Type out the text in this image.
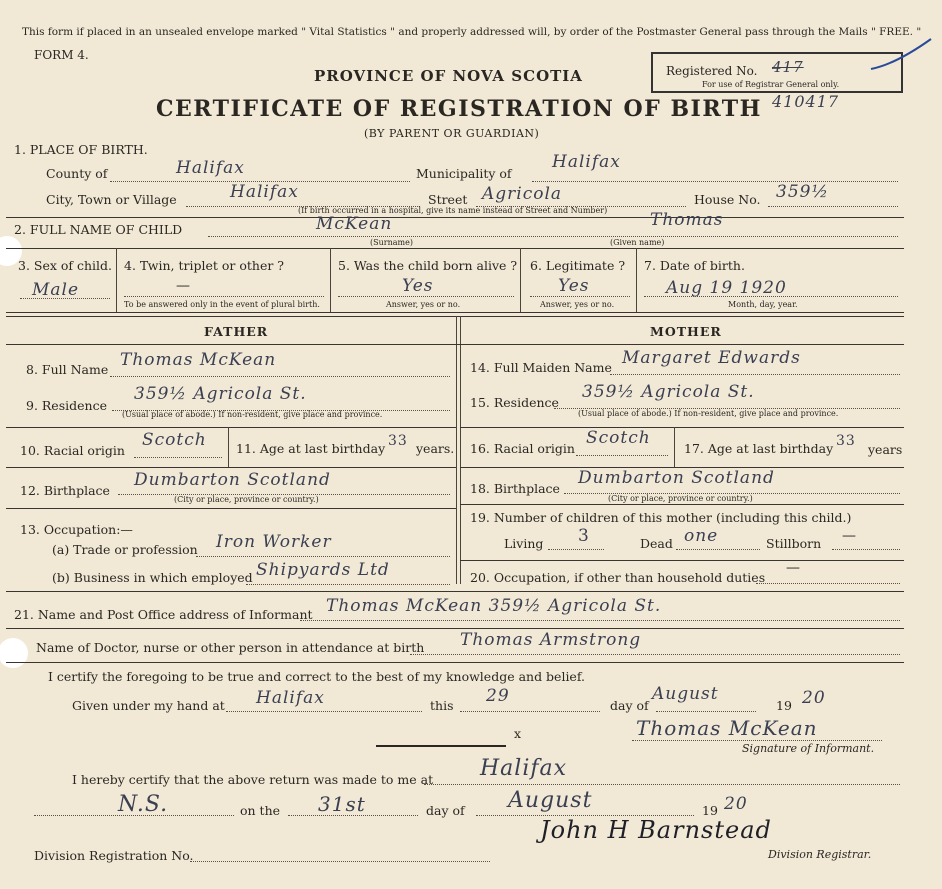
This form if placed in an unsealed envelope marked " Vital Statistics " and properly addressed will, by order of the Postmaster General pass through the Mails " FREE. "
FORM 4.
PROVINCE OF NOVA SCOTIA
CERTIFICATE OF REGISTRATION OF BIRTH
(BY PARENT OR GUARDIAN)
Registered No. 417
For use of Registrar General only.
410417
1. PLACE OF BIRTH.
County of	Halifax	Municipality of
Halifax
City, Town or Village	Halifax	Street Agricola	House No. 359½
(If birth occurred in a hospital, give its name instead of Street and Number)
2. FULL NAME OF CHILD	McKean	Thomas
(Surname)	(Given name)
3. Sex of child.
Male
4. Twin, triplet or other ?
—
To be answered only in the event of plural birth.
5. Was the child born alive ?
Yes
Answer, yes or no.
6. Legitimate ?
Yes
Answer, yes or no.
7. Date of birth.
Aug 19 1920
Month, day, year.
FATHER	MOTHER
8. Full Name Thomas McKean
9. Residence
359½ Agricola St.
(Usual place of abode.) If non-resident, give place and province.
10. Racial origin
Scotch 11. Age at last birthday 33 years.
12. Birthplace
Dumbarton Scotland
(City or place, province or country.)
13. Occupation:—
(a) Trade or profession Iron Worker
(b) Business in which employed Shipyards Ltd
14. Full Maiden Name Margaret Edwards
15. Residence
359½ Agricola St.
(Usual place of abode.) If non-resident, give place and province.
16. Racial origin
Scotch
17. Age at last birthday 33
years
18. Birthplace
Dumbarton Scotland
(City or place, province or country.)
19. Number of children of this mother (including this child.)
Living 3	Dead one	Stillborn —
20. Occupation, if other than household duties
—
21. Name and Post Office address of Informant Thomas McKean 359½ Agricola St.
Name of Doctor, nurse or other person in attendance at birth Thomas Armstrong
I certify the foregoing to be true and correct to the best of my knowledge and belief.
Given under my hand at Halifax	this 29	day of
August
19 20
x	Thomas McKean
Signature of Informant.
I hereby certify that the above return was made to me at Halifax
N.S.	on the 31st	day of August	19 20
John H Barnstead
Division Registration No.	Division Registrar.
